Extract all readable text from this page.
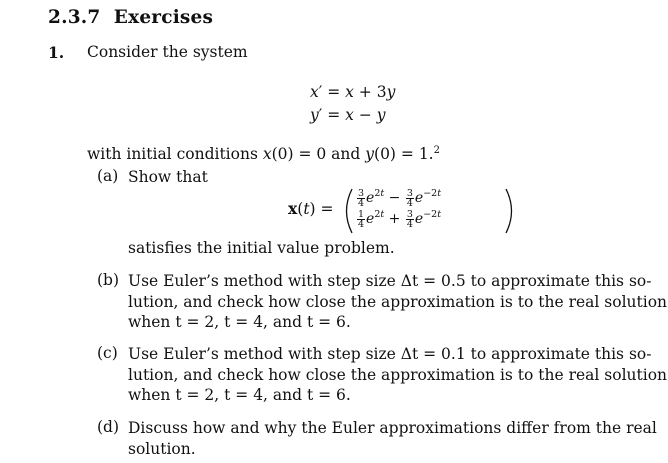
2.3.7 Exercises
1. Consider the system
x′ = x + 3y
y′ = x − y
with initial conditions x(0) = 0 and y(0) = 1.$^2$
(a) Show that
x(t) =
$\frac{3}{4} e^{2t} - \frac{3}{4} e^{-2t}$
$\frac{1}{4} e^{2t} + \frac{3}{4} e^{-2t}$
satisfies the initial value problem.
(b) Use Euler’s method with step size Δt = 0.5 to approximate this so-
lution, and check how close the approximation is to the real solution
when t = 2, t = 4, and t = 6.
(c) Use Euler’s method with step size Δt = 0.1 to approximate this so-
lution, and check how close the approximation is to the real solution
when t = 2, t = 4, and t = 6.
(d) Discuss how and why the Euler approximations differ from the real
solution.
